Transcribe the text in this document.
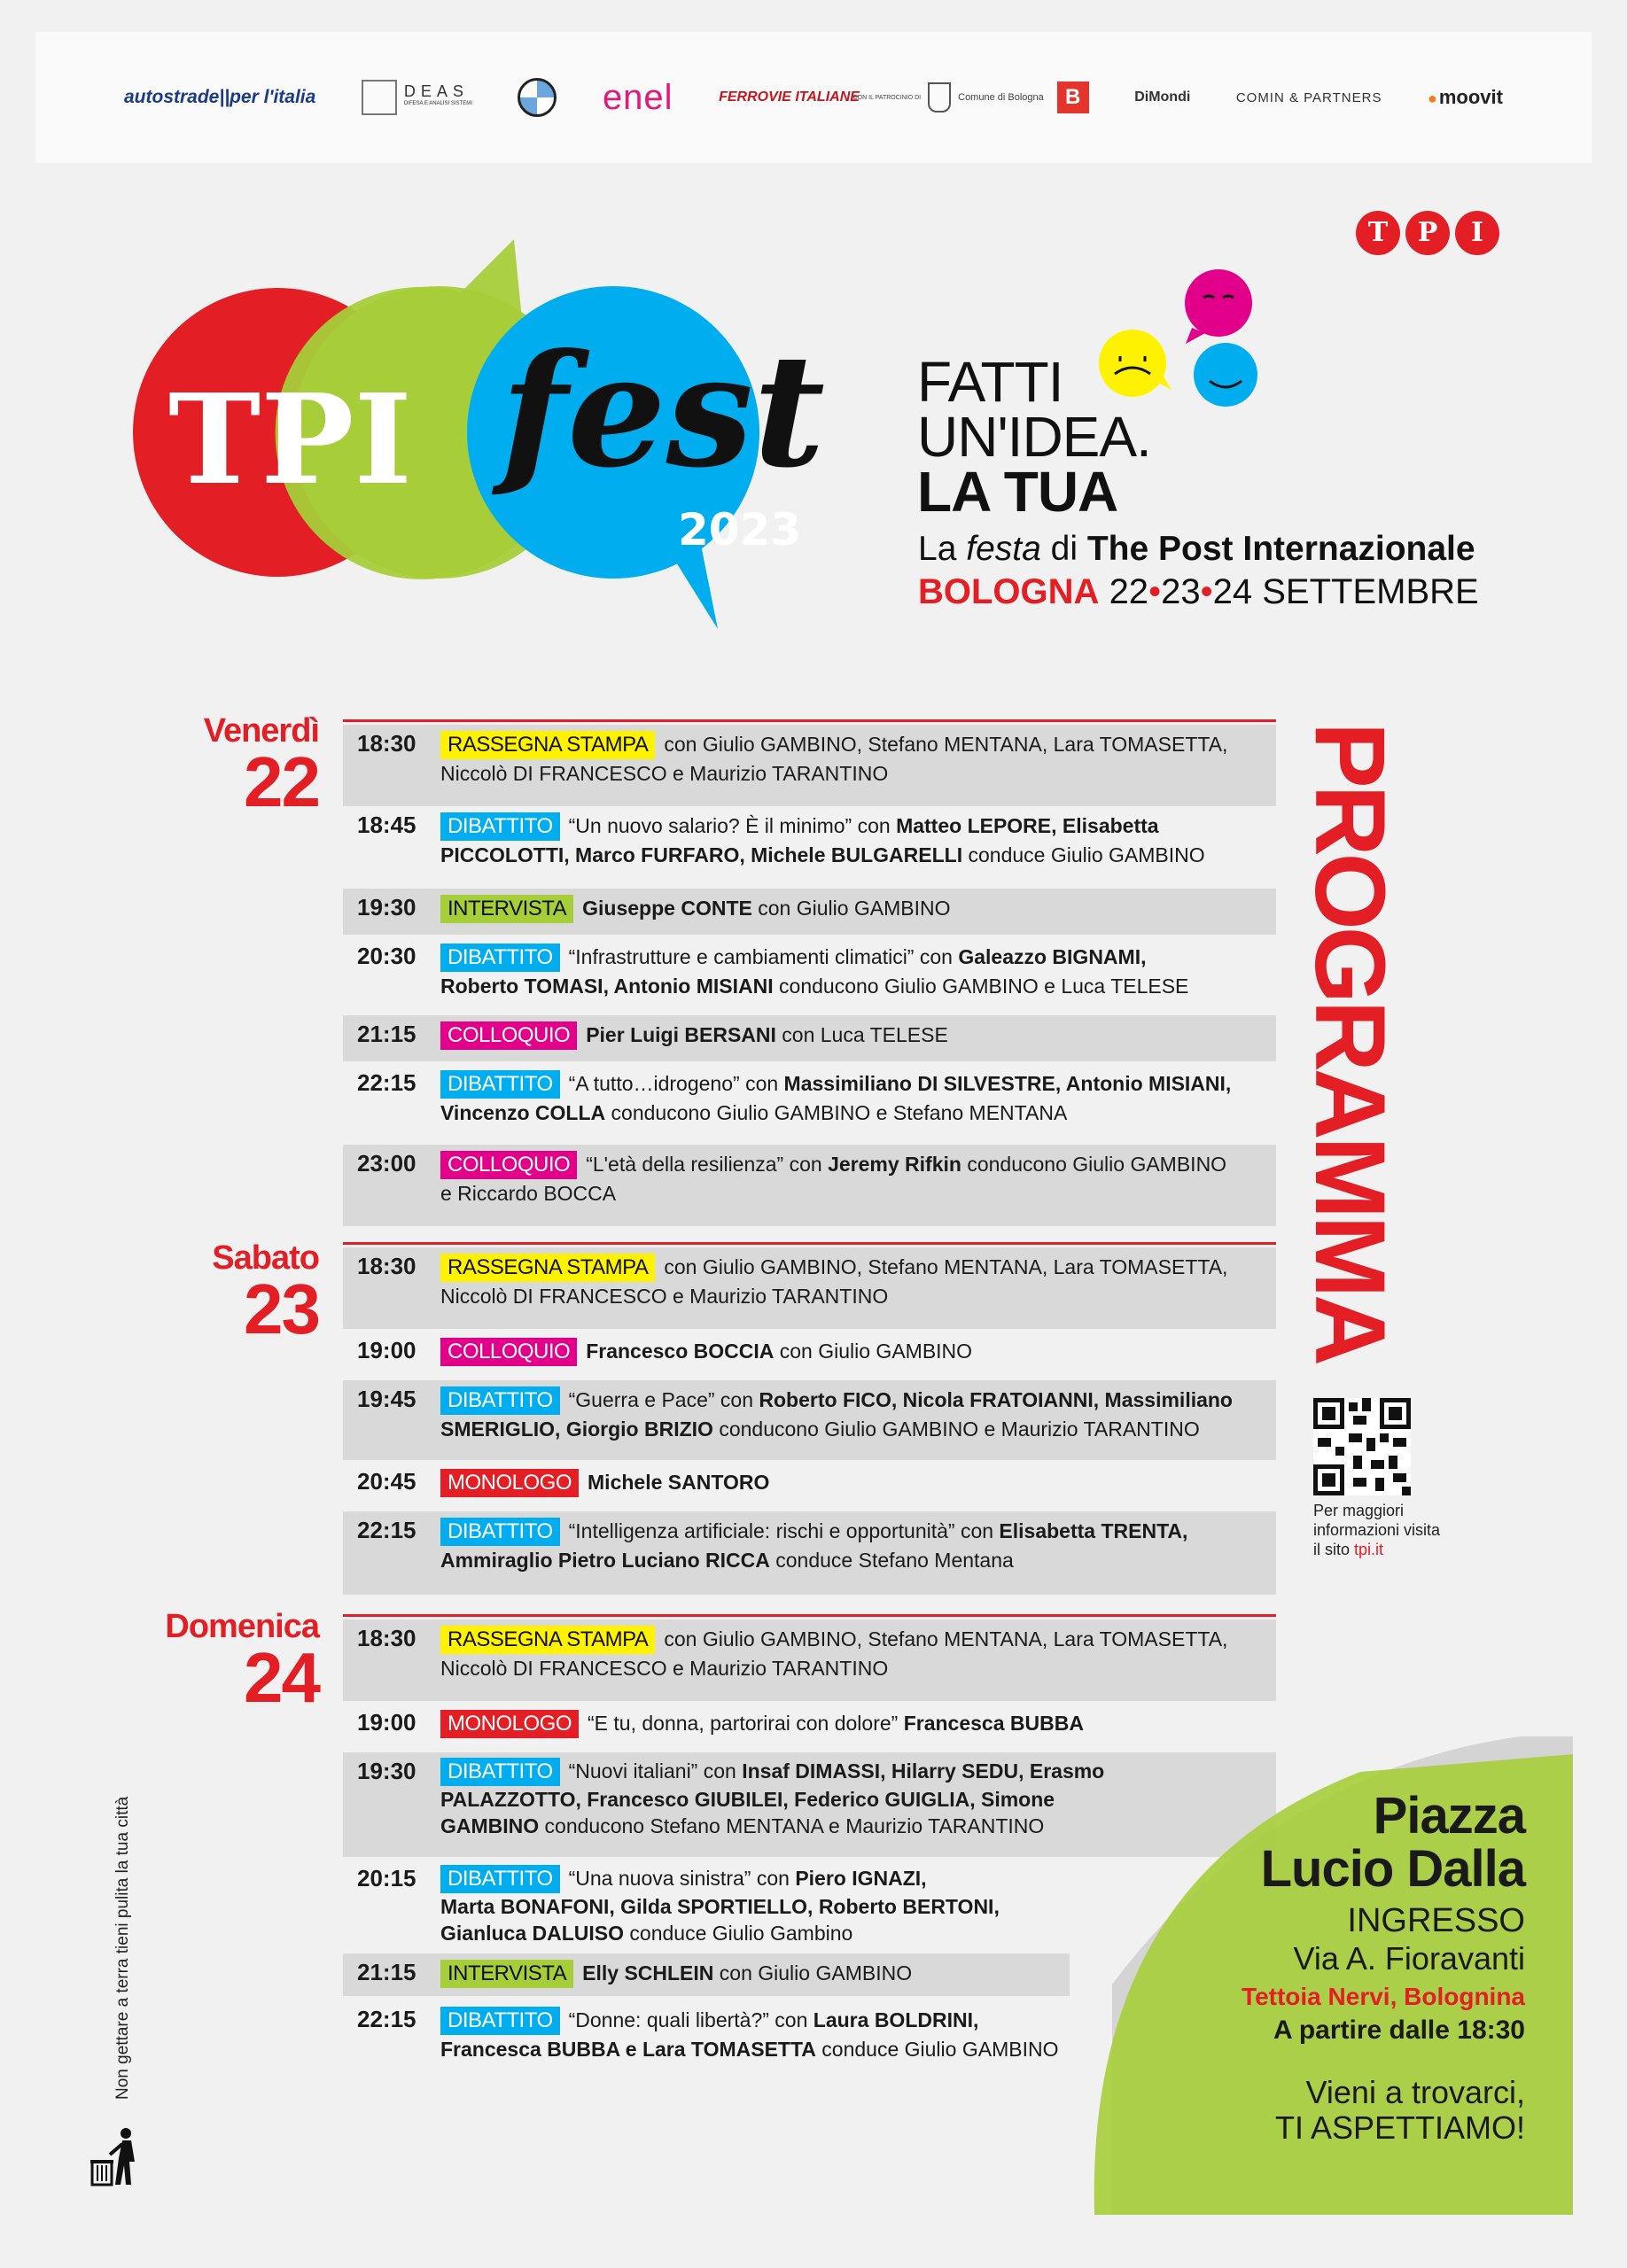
autostrade||per l'italia	DEAS
DIFESA E ANALISI SISTEMI	enel	FERROVIE ITALIANE
CON IL PATROCINIO DI	Comune di Bologna	B	DiMondi	COMIN & PARTNERS
●	moovit
T	P	I
TPI fest
2023
FATTI
UN'IDEA.
LA TUA
La festa di The Post Internazionale
BOLOGNA 22•23•24 SETTEMBRE
Venerdì
22 18:30	RASSEGNA STAMPA con Giulio GAMBINO, Stefano MENTANA, Lara TOMASETTA,
Niccolò DI FRANCESCO e Maurizio TARANTINO
18:45	DIBATTITO “Un nuovo salario? È il minimo” con Matteo LEPORE, Elisabetta
PICCOLOTTI, Marco FURFARO, Michele BULGARELLI conduce Giulio GAMBINO
19:30	INTERVISTA Giuseppe CONTE con Giulio GAMBINO
20:30	DIBATTITO “Infrastrutture e cambiamenti climatici” con Galeazzo BIGNAMI,
Roberto TOMASI, Antonio MISIANI conducono Giulio GAMBINO e Luca TELESE
21:15	COLLOQUIO Pier Luigi BERSANI con Luca TELESE
22:15	DIBATTITO “A tutto…idrogeno” con Massimiliano DI SILVESTRE, Antonio MISIANI,
Vincenzo COLLA conducono Giulio GAMBINO e Stefano MENTANA
23:00	COLLOQUIO “L'età della resilienza” con Jeremy Rifkin conducono Giulio GAMBINO
e Riccardo BOCCA
Sabato
23
18:30	RASSEGNA STAMPA con Giulio GAMBINO, Stefano MENTANA, Lara TOMASETTA,
Niccolò DI FRANCESCO e Maurizio TARANTINO
19:00	COLLOQUIO Francesco BOCCIA con Giulio GAMBINO
19:45	DIBATTITO “Guerra e Pace” con Roberto FICO, Nicola FRATOIANNI, Massimiliano
SMERIGLIO, Giorgio BRIZIO conducono Giulio GAMBINO e Maurizio TARANTINO
20:45	MONOLOGO Michele SANTORO
22:15	DIBATTITO “Intelligenza artificiale: rischi e opportunità” con Elisabetta TRENTA,
Ammiraglio Pietro Luciano RICCA conduce Stefano Mentana
Domenica
24 18:30	RASSEGNA STAMPA con Giulio GAMBINO, Stefano MENTANA, Lara TOMASETTA,
Niccolò DI FRANCESCO e Maurizio TARANTINO
19:00	MONOLOGO “E tu, donna, partorirai con dolore” Francesca BUBBA
19:30	DIBATTITO “Nuovi italiani” con Insaf DIMASSI, Hilarry SEDU, Erasmo
PALAZZOTTO, Francesco GIUBILEI, Federico GUIGLIA, Simone
GAMBINO conducono Stefano MENTANA e Maurizio TARANTINO
20:15	DIBATTITO “Una nuova sinistra” con Piero IGNAZI,
Marta BONAFONI, Gilda SPORTIELLO, Roberto BERTONI,
Gianluca DALUISO conduce Giulio Gambino
21:15	INTERVISTA Elly SCHLEIN con Giulio GAMBINO
22:15	DIBATTITO “Donne: quali libertà?” con Laura BOLDRINI,
Francesca BUBBA e Lara TOMASETTA conduce Giulio GAMBINO
PROGRAMMA
Per maggiori
informazioni visita
il sito tpi.it
Piazza
Lucio Dalla
INGRESSO
Via A. Fioravanti
Tettoia Nervi, Bolognina
A partire dalle 18:30
Vieni a trovarci,
TI ASPETTIAMO!
Non gettare a terra tieni pulita la tua città
